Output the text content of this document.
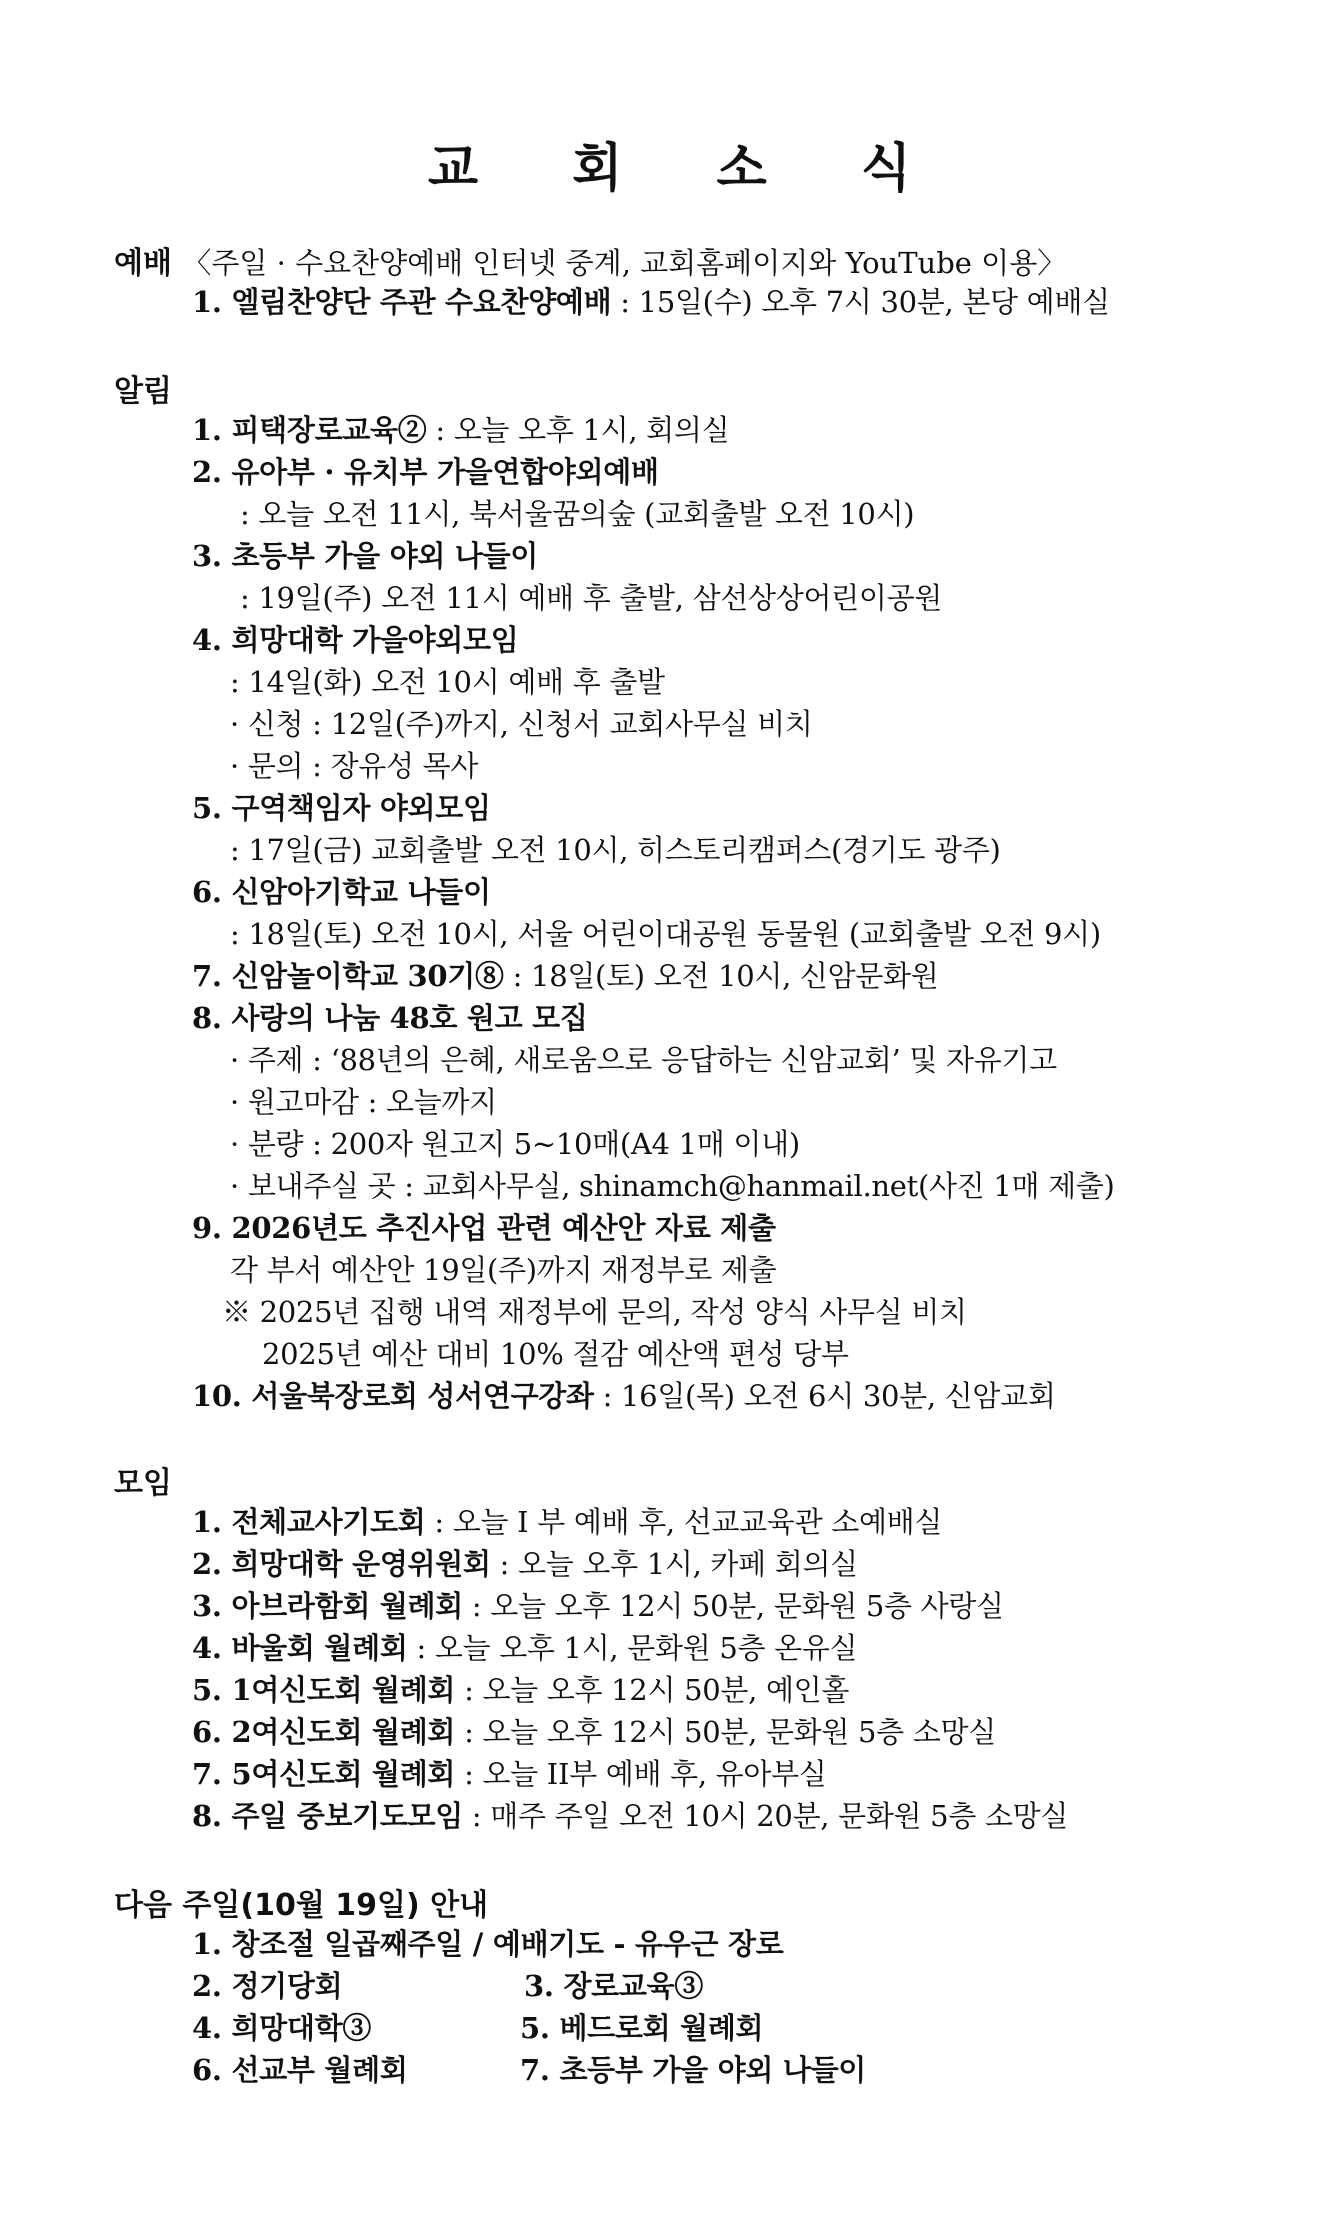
교 회 소 식
예배 〈주일 · 수요찬양예배 인터넷 중계, 교회홈페이지와 YouTube 이용〉
1. 엘림찬양단 주관 수요찬양예배 : 15일(수) 오후 7시 30분, 본당 예배실
알림
1. 피택장로교육② : 오늘 오후 1시, 회의실
2. 유아부 · 유치부 가을연합야외예배
: 오늘 오전 11시, 북서울꿈의숲 (교회출발 오전 10시)
3. 초등부 가을 야외 나들이
: 19일(주) 오전 11시 예배 후 출발, 삼선상상어린이공원
4. 희망대학 가을야외모임
: 14일(화) 오전 10시 예배 후 출발
· 신청 : 12일(주)까지, 신청서 교회사무실 비치
· 문의 : 장유성 목사
5. 구역책임자 야외모임
: 17일(금) 교회출발 오전 10시, 히스토리캠퍼스(경기도 광주)
6. 신암아기학교 나들이
: 18일(토) 오전 10시, 서울 어린이대공원 동물원 (교회출발 오전 9시)
7. 신암놀이학교 30기⑧ : 18일(토) 오전 10시, 신암문화원
8. 사랑의 나눔 48호 원고 모집
· 주제 : ‘88년의 은혜, 새로움으로 응답하는 신암교회’ 및 자유기고
· 원고마감 : 오늘까지
· 분량 : 200자 원고지 5~10매(A4 1매 이내)
· 보내주실 곳 : 교회사무실, shinamch@hanmail.net(사진 1매 제출)
9. 2026년도 추진사업 관련 예산안 자료 제출
각 부서 예산안 19일(주)까지 재정부로 제출
※ 2025년 집행 내역 재정부에 문의, 작성 양식 사무실 비치
2025년 예산 대비 10% 절감 예산액 편성 당부
10. 서울북장로회 성서연구강좌 : 16일(목) 오전 6시 30분, 신암교회
모임
1. 전체교사기도회 : 오늘 I 부 예배 후, 선교교육관 소예배실
2. 희망대학 운영위원회 : 오늘 오후 1시, 카페 회의실
3. 아브라함회 월례회 : 오늘 오후 12시 50분, 문화원 5층 사랑실
4. 바울회 월례회 : 오늘 오후 1시, 문화원 5층 온유실
5. 1여신도회 월례회 : 오늘 오후 12시 50분, 예인홀
6. 2여신도회 월례회 : 오늘 오후 12시 50분, 문화원 5층 소망실
7. 5여신도회 월례회 : 오늘 II부 예배 후, 유아부실
8. 주일 중보기도모임 : 매주 주일 오전 10시 20분, 문화원 5층 소망실
다음 주일(10월 19일) 안내
1. 창조절 일곱째주일 / 예배기도 - 유우근 장로
2. 정기당회	3. 장로교육③
4. 희망대학③	5. 베드로회 월례회
6. 선교부 월례회	7. 초등부 가을 야외 나들이
